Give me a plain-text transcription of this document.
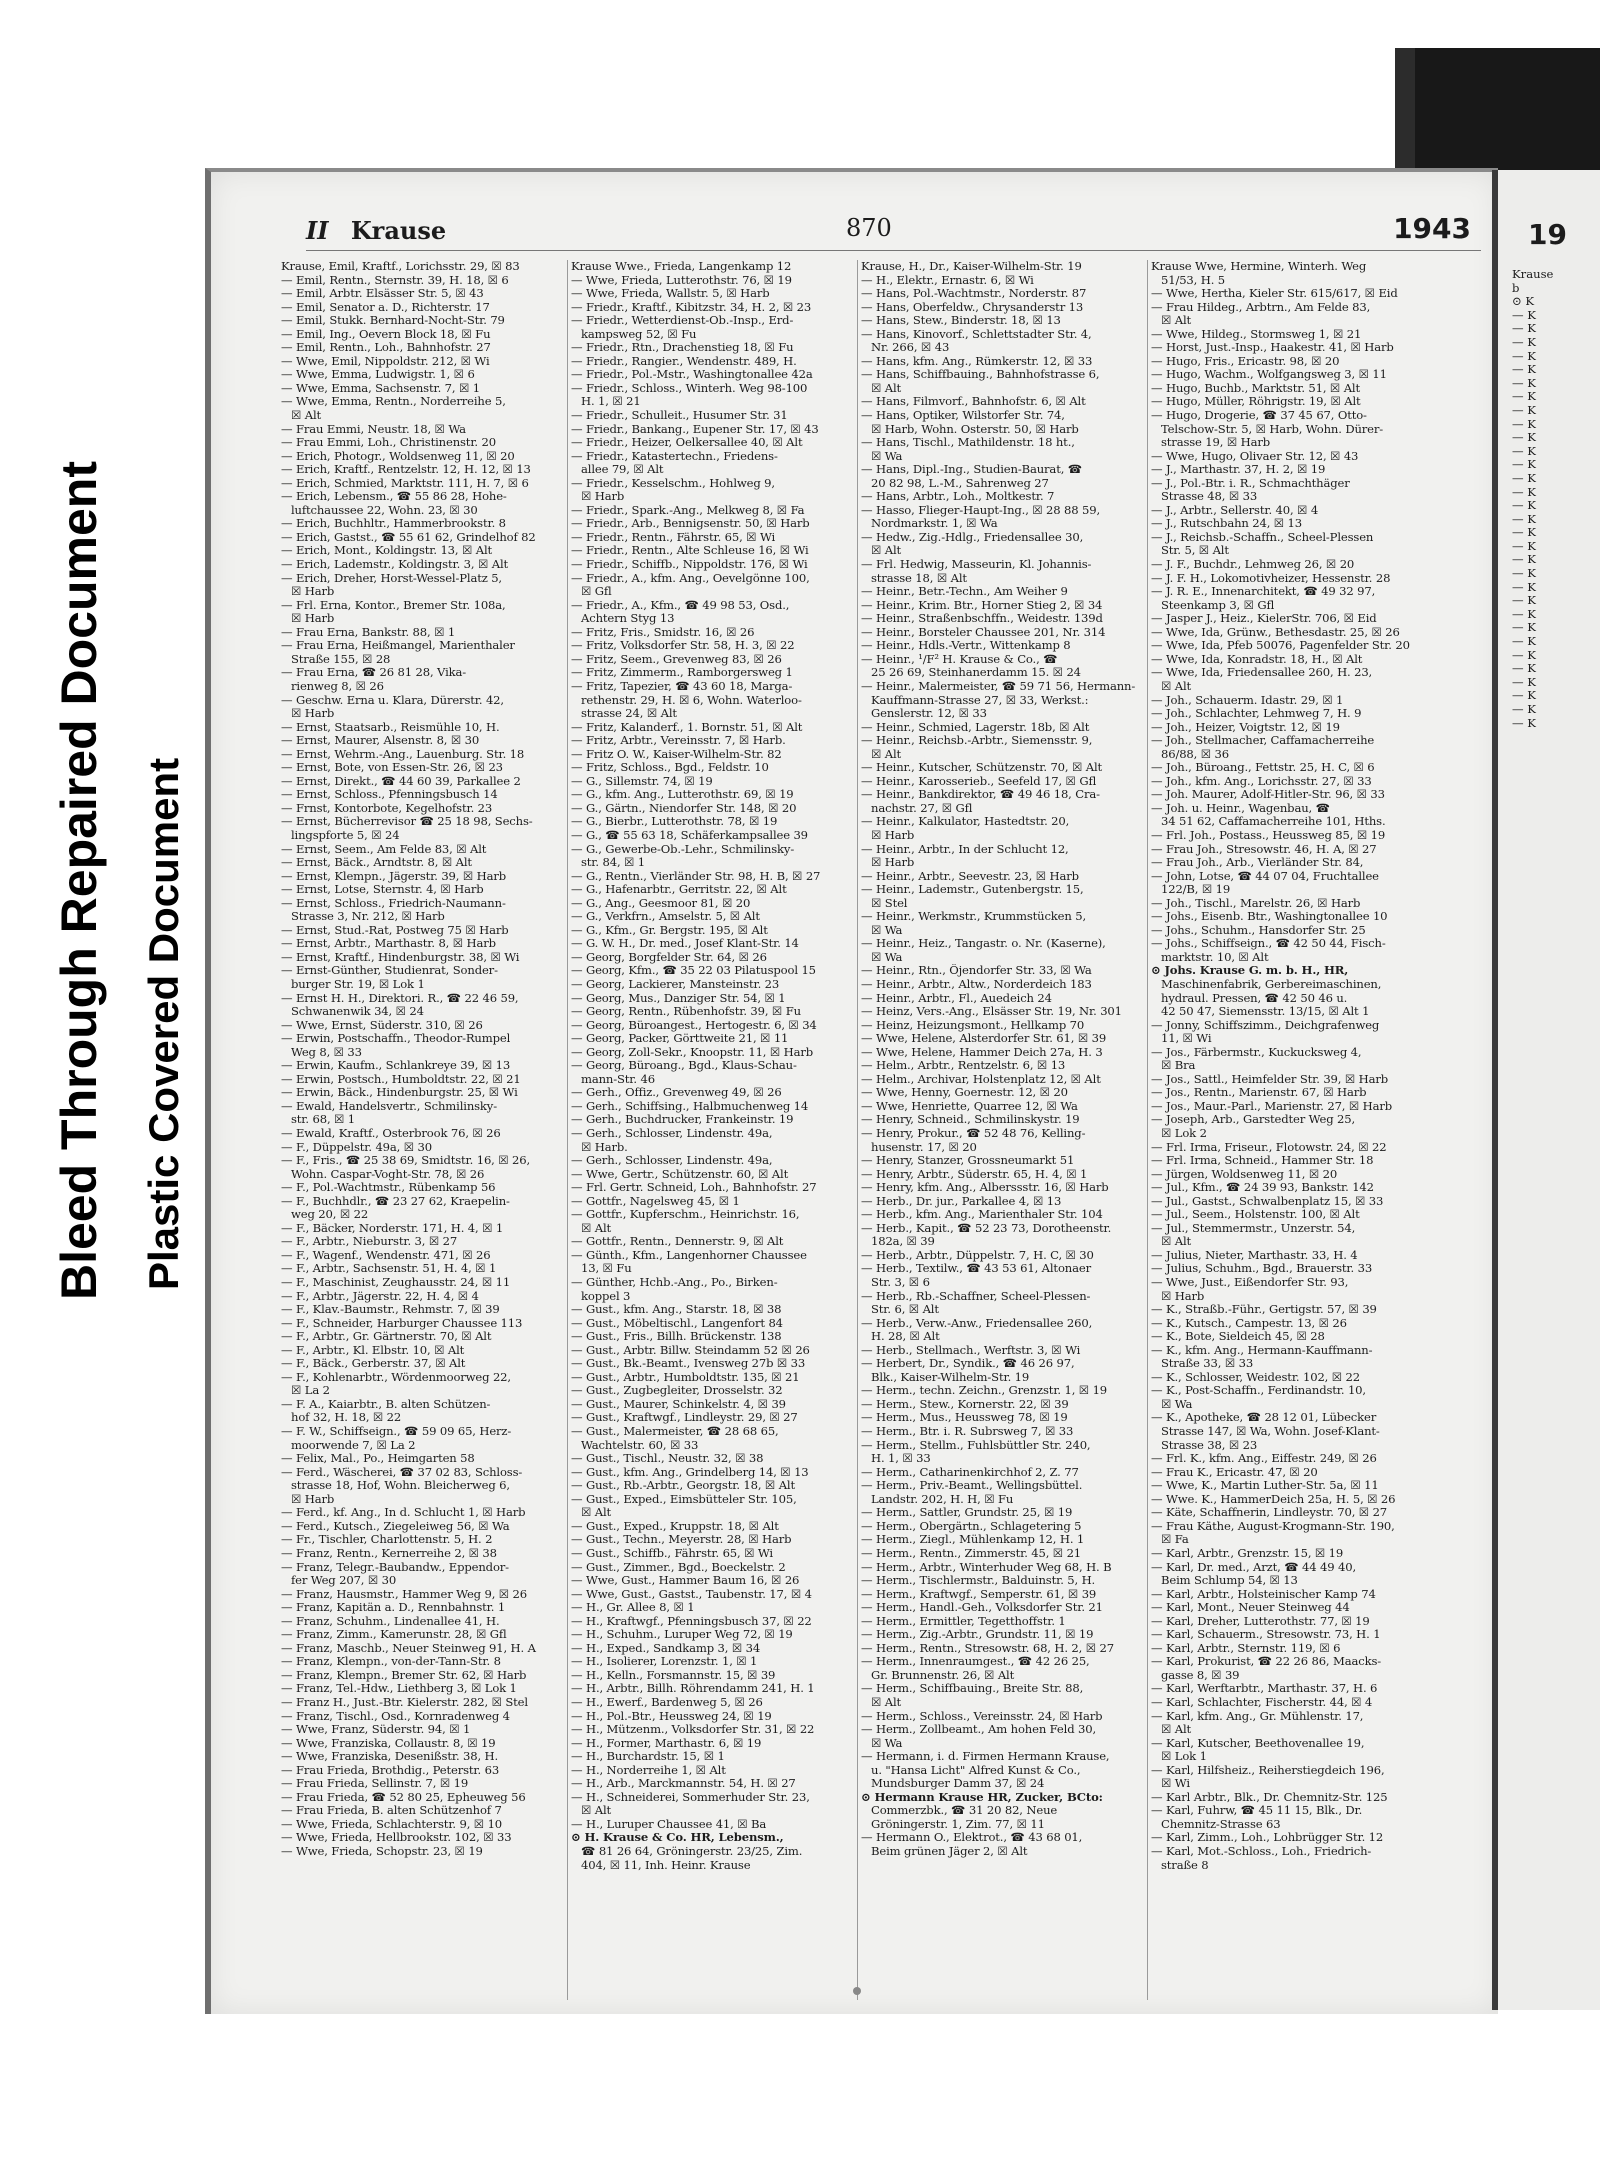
Bleed Through Repaired Document Plastic Covered Document
II Krause	870	1943
Krause, Emil, Kraftf., Lorichsstr. 29, ☒ 83
— Emil, Rentn., Sternstr. 39, H. 18, ☒ 6
— Emil, Arbtr. Elsässer Str. 5, ☒ 43
— Emil, Senator a. D., Richterstr. 17
— Emil, Stukk. Bernhard-Nocht-Str. 79
— Emil, Ing., Oevern Block 18, ☒ Fu
— Emil, Rentn., Loh., Bahnhofstr. 27
— Wwe, Emil, Nippoldstr. 212, ☒ Wi
— Wwe, Emma, Ludwigstr. 1, ☒ 6
— Wwe, Emma, Sachsenstr. 7, ☒ 1
— Wwe, Emma, Rentn., Norderreihe 5,
☒ Alt
— Frau Emmi, Neustr. 18, ☒ Wa
— Frau Emmi, Loh., Christinenstr. 20
— Erich, Photogr., Woldsenweg 11, ☒ 20
— Erich, Kraftf., Rentzelstr. 12, H. 12, ☒ 13
— Erich, Schmied, Marktstr. 111, H. 7, ☒ 6
— Erich, Lebensm., ☎ 55 86 28, Hohe-
luftchaussee 22, Wohn. 23, ☒ 30
— Erich, Buchhltr., Hammerbrookstr. 8
— Erich, Gastst., ☎ 55 61 62, Grindelhof 82
— Erich, Mont., Koldingstr. 13, ☒ Alt
— Erich, Lademstr., Koldingstr. 3, ☒ Alt
— Erich, Dreher, Horst-Wessel-Platz 5,
☒ Harb
— Frl. Erna, Kontor., Bremer Str. 108a,
☒ Harb
— Frau Erna, Bankstr. 88, ☒ 1
— Frau Erna, Heißmangel, Marienthaler
Straße 155, ☒ 28
— Frau Erna, ☎ 26 81 28, Vika-
rienweg 8, ☒ 26
— Geschw. Erna u. Klara, Dürerstr. 42,
☒ Harb
— Ernst, Staatsarb., Reismühle 10, H.
— Ernst, Maurer, Alsenstr. 8, ☒ 30
— Ernst, Wehrm.-Ang., Lauenburg. Str. 18
— Ernst, Bote, von Essen-Str. 26, ☒ 23
— Ernst, Direkt., ☎ 44 60 39, Parkallee 2
— Ernst, Schloss., Pfenningsbusch 14
— Frnst, Kontorbote, Kegelhofstr. 23
— Ernst, Bücherrevisor ☎ 25 18 98, Sechs-
lingspforte 5, ☒ 24
— Ernst, Seem., Am Felde 83, ☒ Alt
— Ernst, Bäck., Arndtstr. 8, ☒ Alt
— Ernst, Klempn., Jägerstr. 39, ☒ Harb
— Ernst, Lotse, Sternstr. 4, ☒ Harb
— Ernst, Schloss., Friedrich-Naumann-
Strasse 3, Nr. 212, ☒ Harb
— Ernst, Stud.-Rat, Postweg 75 ☒ Harb
— Ernst, Arbtr., Marthastr. 8, ☒ Harb
— Ernst, Kraftf., Hindenburgstr. 38, ☒ Wi
— Ernst-Günther, Studienrat, Sonder-
burger Str. 19, ☒ Lok 1
— Ernst H. H., Direktori. R., ☎ 22 46 59,
Schwanenwik 34, ☒ 24
— Wwe, Ernst, Süderstr. 310, ☒ 26
— Erwin, Postschaffn., Theodor-Rumpel
Weg 8, ☒ 33
— Erwin, Kaufm., Schlankreye 39, ☒ 13
— Erwin, Postsch., Humboldtstr. 22, ☒ 21
— Erwin, Bäck., Hindenburgstr. 25, ☒ Wi
— Ewald, Handelsvertr., Schmilinsky-
str. 68, ☒ 1
— Ewald, Kraftf., Osterbrook 76, ☒ 26
— F., Düppelstr. 49a, ☒ 30
— F., Fris., ☎ 25 38 69, Smidtstr. 16, ☒ 26,
Wohn. Caspar-Voght-Str. 78, ☒ 26
— F., Pol.-Wachtmstr., Rübenkamp 56
— F., Buchhdlr., ☎ 23 27 62, Kraepelin-
weg 20, ☒ 22
— F., Bäcker, Norderstr. 171, H. 4, ☒ 1
— F., Arbtr., Nieburstr. 3, ☒ 27
— F., Wagenf., Wendenstr. 471, ☒ 26
— F., Arbtr., Sachsenstr. 51, H. 4, ☒ 1
— F., Maschinist, Zeughausstr. 24, ☒ 11
— F., Arbtr., Jägerstr. 22, H. 4, ☒ 4
— F., Klav.-Baumstr., Rehmstr. 7, ☒ 39
— F., Schneider, Harburger Chaussee 113
— F., Arbtr., Gr. Gärtnerstr. 70, ☒ Alt
— F., Arbtr., Kl. Elbstr. 10, ☒ Alt
— F., Bäck., Gerberstr. 37, ☒ Alt
— F., Kohlenarbtr., Wördenmoorweg 22,
☒ La 2
— F. A., Kaiarbtr., B. alten Schützen-
hof 32, H. 18, ☒ 22
— F. W., Schiffseign., ☎ 59 09 65, Herz-
moorwende 7, ☒ La 2
— Felix, Mal., Po., Heimgarten 58
— Ferd., Wäscherei, ☎ 37 02 83, Schloss-
strasse 18, Hof, Wohn. Bleicherweg 6,
☒ Harb
— Ferd., kf. Ang., In d. Schlucht 1, ☒ Harb
— Ferd., Kutsch., Ziegeleiweg 56, ☒ Wa
— Fr., Tischler, Charlottenstr. 5, H. 2
— Franz, Rentn., Kernerreihe 2, ☒ 38
— Franz, Telegr.-Baubandw., Eppendor-
fer Weg 207, ☒ 30
— Franz, Hausmstr., Hammer Weg 9, ☒ 26
— Franz, Kapitän a. D., Rennbahnstr. 1
— Franz, Schuhm., Lindenallee 41, H.
— Franz, Zimm., Kamerunstr. 28, ☒ Gfl
— Franz, Maschb., Neuer Steinweg 91, H. A
— Franz, Klempn., von-der-Tann-Str. 8
— Franz, Klempn., Bremer Str. 62, ☒ Harb
— Franz, Tel.-Hdw., Liethberg 3, ☒ Lok 1
— Franz H., Just.-Btr. Kielerstr. 282, ☒ Stel
— Franz, Tischl., Osd., Kornradenweg 4
— Wwe, Franz, Süderstr. 94, ☒ 1
— Wwe, Franziska, Collaustr. 8, ☒ 19
— Wwe, Franziska, Desenißstr. 38, H.
— Frau Frieda, Brothdig., Peterstr. 63
— Frau Frieda, Sellinstr. 7, ☒ 19
— Frau Frieda, ☎ 52 80 25, Epheuweg 56
— Frau Frieda, B. alten Schützenhof 7
— Wwe, Frieda, Schlachterstr. 9, ☒ 10
— Wwe, Frieda, Hellbrookstr. 102, ☒ 33
— Wwe, Frieda, Schopstr. 23, ☒ 19
Krause Wwe., Frieda, Langenkamp 12
— Wwe, Frieda, Lutterothstr. 76, ☒ 19
— Wwe, Frieda, Wallstr. 5, ☒ Harb
— Friedr., Kraftf., Kibitzstr. 34, H. 2, ☒ 23
— Friedr., Wetterdienst-Ob.-Insp., Erd-
kampsweg 52, ☒ Fu
— Friedr., Rtn., Drachenstieg 18, ☒ Fu
— Friedr., Rangier., Wendenstr. 489, H.
— Friedr., Pol.-Mstr., Washingtonallee 42a
— Friedr., Schloss., Winterh. Weg 98-100
H. 1, ☒ 21
— Friedr., Schulleit., Husumer Str. 31
— Friedr., Bankang., Eupener Str. 17, ☒ 43
— Friedr., Heizer, Oelkersallee 40, ☒ Alt
— Friedr., Katastertechn., Friedens-
allee 79, ☒ Alt
— Friedr., Kesselschm., Hohlweg 9,
☒ Harb
— Friedr., Spark.-Ang., Melkweg 8, ☒ Fa
— Friedr., Arb., Bennigsenstr. 50, ☒ Harb
— Friedr., Rentn., Fährstr. 65, ☒ Wi
— Friedr., Rentn., Alte Schleuse 16, ☒ Wi
— Friedr., Schiffb., Nippoldstr. 176, ☒ Wi
— Friedr., A., kfm. Ang., Oevelgönne 100,
☒ Gfl
— Friedr., A., Kfm., ☎ 49 98 53, Osd.,
Achtern Styg 13
— Fritz, Fris., Smidstr. 16, ☒ 26
— Fritz, Volksdorfer Str. 58, H. 3, ☒ 22
— Fritz, Seem., Grevenweg 83, ☒ 26
— Fritz, Zimmerm., Ramborgersweg 1
— Fritz, Tapezier, ☎ 43 60 18, Marga-
rethenstr. 29, H. ☒ 6, Wohn. Waterloo-
strasse 24, ☒ Alt
— Fritz, Kalanderf., 1. Bornstr. 51, ☒ Alt
— Fritz, Arbtr., Vereinsstr. 7, ☒ Harb.
— Fritz O. W., Kaiser-Wilhelm-Str. 82
— Fritz, Schloss., Bgd., Feldstr. 10
— G., Sillemstr. 74, ☒ 19
— G., kfm. Ang., Lutterothstr. 69, ☒ 19
— G., Gärtn., Niendorfer Str. 148, ☒ 20
— G., Bierbr., Lutterothstr. 78, ☒ 19
— G., ☎ 55 63 18, Schäferkampsallee 39
— G., Gewerbe-Ob.-Lehr., Schmilinsky-
str. 84, ☒ 1
— G., Rentn., Vierländer Str. 98, H. B, ☒ 27
— G., Hafenarbtr., Gerritstr. 22, ☒ Alt
— G., Ang., Geesmoor 81, ☒ 20
— G., Verkfrn., Amselstr. 5, ☒ Alt
— G., Kfm., Gr. Bergstr. 195, ☒ Alt
— G. W. H., Dr. med., Josef Klant-Str. 14
— Georg, Borgfelder Str. 64, ☒ 26
— Georg, Kfm., ☎ 35 22 03 Pilatuspool 15
— Georg, Lackierer, Mansteinstr. 23
— Georg, Mus., Danziger Str. 54, ☒ 1
— Georg, Rentn., Rübenhofstr. 39, ☒ Fu
— Georg, Büroangest., Hertogestr. 6, ☒ 34
— Georg, Packer, Görttweite 21, ☒ 11
— Georg, Zoll-Sekr., Knoopstr. 11, ☒ Harb
— Georg, Büroang., Bgd., Klaus-Schau-
mann-Str. 46
— Gerh., Offiz., Grevenweg 49, ☒ 26
— Gerh., Schiffsing., Halbmuchenweg 14
— Gerh., Buchdrucker, Frankeinstr. 19
— Gerh., Schlosser, Lindenstr. 49a,
☒ Harb.
— Gerh., Schlosser, Lindenstr. 49a,
— Wwe, Gertr., Schützenstr. 60, ☒ Alt
— Frl. Gertr. Schneid, Loh., Bahnhofstr. 27
— Gottfr., Nagelsweg 45, ☒ 1
— Gottfr., Kupferschm., Heinrichstr. 16,
☒ Alt
— Gottfr., Rentn., Dennerstr. 9, ☒ Alt
— Günth., Kfm., Langenhorner Chaussee
13, ☒ Fu
— Günther, Hchb.-Ang., Po., Birken-
koppel 3
— Gust., kfm. Ang., Starstr. 18, ☒ 38
— Gust., Möbeltischl., Langenfort 84
— Gust., Fris., Billh. Brückenstr. 138
— Gust., Arbtr. Billw. Steindamm 52 ☒ 26
— Gust., Bk.-Beamt., Ivensweg 27b ☒ 33
— Gust., Arbtr., Humboldtstr. 135, ☒ 21
— Gust., Zugbegleiter, Drosselstr. 32
— Gust., Maurer, Schinkelstr. 4, ☒ 39
— Gust., Kraftwgf., Lindleystr. 29, ☒ 27
— Gust., Malermeister, ☎ 28 68 65,
Wachtelstr. 60, ☒ 33
— Gust., Tischl., Neustr. 32, ☒ 38
— Gust., kfm. Ang., Grindelberg 14, ☒ 13
— Gust., Rb.-Arbtr., Georgstr. 18, ☒ Alt
— Gust., Exped., Eimsbütteler Str. 105,
☒ Alt
— Gust., Exped., Kruppstr. 18, ☒ Alt
— Gust., Techn., Meyerstr. 28, ☒ Harb
— Gust., Schiffb., Fährstr. 65, ☒ Wi
— Gust., Zimmer., Bgd., Boeckelstr. 2
— Wwe, Gust., Hammer Baum 16, ☒ 26
— Wwe, Gust., Gastst., Taubenstr. 17, ☒ 4
— H., Gr. Allee 8, ☒ 1
— H., Kraftwgf., Pfenningsbusch 37, ☒ 22
— H., Schuhm., Luruper Weg 72, ☒ 19
— H., Exped., Sandkamp 3, ☒ 34
— H., Isolierer, Lorenzstr. 1, ☒ 1
— H., Kelln., Forsmannstr. 15, ☒ 39
— H., Arbtr., Billh. Röhrendamm 241, H. 1
— H., Ewerf., Bardenweg 5, ☒ 26
— H., Pol.-Btr., Heussweg 24, ☒ 19
— H., Mützenm., Volksdorfer Str. 31, ☒ 22
— H., Former, Marthastr. 6, ☒ 19
— H., Burchardstr. 15, ☒ 1
— H., Norderreihe 1, ☒ Alt
— H., Arb., Marckmannstr. 54, H. ☒ 27
— H., Schneiderei, Sommerhuder Str. 23,
☒ Alt
— H., Luruper Chaussee 41, ☒ Ba
⊙ H. Krause & Co. HR, Lebensm.,
☎ 81 26 64, Gröningerstr. 23/25, Zim.
404, ☒ 11, Inh. Heinr. Krause
Krause, H., Dr., Kaiser-Wilhelm-Str. 19
— H., Elektr., Ernastr. 6, ☒ Wi
— Hans, Pol.-Wachtmstr., Norderstr. 87
— Hans, Oberfeldw., Chrysanderstr 13
— Hans, Stew., Binderstr. 18, ☒ 13
— Hans, Kinovorf., Schlettstadter Str. 4,
Nr. 266, ☒ 43
— Hans, kfm. Ang., Rümkerstr. 12, ☒ 33
— Hans, Schiffbauing., Bahnhofstrasse 6,
☒ Alt
— Hans, Filmvorf., Bahnhofstr. 6, ☒ Alt
— Hans, Optiker, Wilstorfer Str. 74,
☒ Harb, Wohn. Osterstr. 50, ☒ Harb
— Hans, Tischl., Mathildenstr. 18 ht.,
☒ Wa
— Hans, Dipl.-Ing., Studien-Baurat, ☎
20 82 98, L.-M., Sahrenweg 27
— Hans, Arbtr., Loh., Moltkestr. 7
— Hasso, Flieger-Haupt-Ing., ☒ 28 88 59,
Nordmarkstr. 1, ☒ Wa
— Hedw., Zig.-Hdlg., Friedensallee 30,
☒ Alt
— Frl. Hedwig, Masseurin, Kl. Johannis-
strasse 18, ☒ Alt
— Heinr., Betr.-Techn., Am Weiher 9
— Heinr., Krim. Btr., Horner Stieg 2, ☒ 34
— Heinr., Straßenbschffn., Weidestr. 139d
— Heinr., Borsteler Chaussee 201, Nr. 314
— Heinr., Hdls.-Vertr., Wittenkamp 8
— Heinr., ¹/F² H. Krause & Co., ☎
25 26 69, Steinhanerdamm 15. ☒ 24
— Heinr., Malermeister, ☎ 59 71 56, Hermann-
Kauffmann-Strasse 27, ☒ 33, Werkst.:
Genslerstr. 12, ☒ 33
— Heinr., Schmied, Lagerstr. 18b, ☒ Alt
— Heinr., Reichsb.-Arbtr., Siemensstr. 9,
☒ Alt
— Heinr., Kutscher, Schützenstr. 70, ☒ Alt
— Heinr., Karosserieb., Seefeld 17, ☒ Gfl
— Heinr., Bankdirektor, ☎ 49 46 18, Cra-
nachstr. 27, ☒ Gfl
— Heinr., Kalkulator, Hastedtstr. 20,
☒ Harb
— Heinr., Arbtr., In der Schlucht 12,
☒ Harb
— Heinr., Arbtr., Seevestr. 23, ☒ Harb
— Heinr., Lademstr., Gutenbergstr. 15,
☒ Stel
— Heinr., Werkmstr., Krummstücken 5,
☒ Wa
— Heinr., Heiz., Tangastr. o. Nr. (Kaserne),
☒ Wa
— Heinr., Rtn., Öjendorfer Str. 33, ☒ Wa
— Heinr., Arbtr., Altw., Norderdeich 183
— Heinr., Arbtr., Fl., Auedeich 24
— Heinz, Vers.-Ang., Elsässer Str. 19, Nr. 301
— Heinz, Heizungsmont., Hellkamp 70
— Wwe, Helene, Alsterdorfer Str. 61, ☒ 39
— Wwe, Helene, Hammer Deich 27a, H. 3
— Helm., Arbtr., Rentzelstr. 6, ☒ 13
— Helm., Archivar, Holstenplatz 12, ☒ Alt
— Wwe, Henny, Goernestr. 12, ☒ 20
— Wwe, Henriette, Quarree 12, ☒ Wa
— Henry, Schneid., Schmilinskystr. 19
— Henry, Prokur., ☎ 52 48 76, Kelling-
husenstr. 17, ☒ 20
— Henry, Stanzer, Grossneumarkt 51
— Henry, Arbtr., Süderstr. 65, H. 4, ☒ 1
— Henry, kfm. Ang., Alberssstr. 16, ☒ Harb
— Herb., Dr. jur., Parkallee 4, ☒ 13
— Herb., kfm. Ang., Marienthaler Str. 104
— Herb., Kapit., ☎ 52 23 73, Dorotheenstr.
182a, ☒ 39
— Herb., Arbtr., Düppelstr. 7, H. C, ☒ 30
— Herb., Textilw., ☎ 43 53 61, Altonaer
Str. 3, ☒ 6
— Herb., Rb.-Schaffner, Scheel-Plessen-
Str. 6, ☒ Alt
— Herb., Verw.-Anw., Friedensallee 260,
H. 28, ☒ Alt
— Herb., Stellmach., Werftstr. 3, ☒ Wi
— Herbert, Dr., Syndik., ☎ 46 26 97,
Blk., Kaiser-Wilhelm-Str. 19
— Herm., techn. Zeichn., Grenzstr. 1, ☒ 19
— Herm., Stew., Kornerstr. 22, ☒ 39
— Herm., Mus., Heussweg 78, ☒ 19
— Herm., Btr. i. R. Subrsweg 7, ☒ 33
— Herm., Stellm., Fuhlsbüttler Str. 240,
H. 1, ☒ 33
— Herm., Catharinenkirchhof 2, Z. 77
— Herm., Priv.-Beamt., Wellingsbüttel.
Landstr. 202, H. H, ☒ Fu
— Herm., Sattler, Grundstr. 25, ☒ 19
— Herm., Obergärtn., Schlagetering 5
— Herm., Ziegl., Mühlenkamp 12, H. 1
— Herm., Rentn., Zimmerstr. 45, ☒ 21
— Herm., Arbtr., Winterhuder Weg 68, H. B
— Herm., Tischlermstr., Balduinstr. 5, H.
— Herm., Kraftwgf., Semperstr. 61, ☒ 39
— Herm., Handl.-Geh., Volksdorfer Str. 21
— Herm., Ermittler, Tegetthoffstr. 1
— Herm., Zig.-Arbtr., Grundstr. 11, ☒ 19
— Herm., Rentn., Stresowstr. 68, H. 2, ☒ 27
— Herm., Innenraumgest., ☎ 42 26 25,
Gr. Brunnenstr. 26, ☒ Alt
— Herm., Schiffbauing., Breite Str. 88,
☒ Alt
— Herm., Schloss., Vereinsstr. 24, ☒ Harb
— Herm., Zollbeamt., Am hohen Feld 30,
☒ Wa
— Hermann, i. d. Firmen Hermann Krause,
u. "Hansa Licht" Alfred Kunst & Co.,
Mundsburger Damm 37, ☒ 24
⊙ Hermann Krause HR, Zucker, BCto:
Commerzbk., ☎ 31 20 82, Neue
Gröningerstr. 1, Zim. 77, ☒ 11
— Hermann O., Elektrot., ☎ 43 68 01,
Beim grünen Jäger 2, ☒ Alt
Krause Wwe, Hermine, Winterh. Weg
51/53, H. 5
— Wwe, Hertha, Kieler Str. 615/617, ☒ Eid
— Frau Hildeg., Arbtrn., Am Felde 83,
☒ Alt
— Wwe, Hildeg., Stormsweg 1, ☒ 21
— Horst, Just.-Insp., Haakestr. 41, ☒ Harb
— Hugo, Fris., Ericastr. 98, ☒ 20
— Hugo, Wachm., Wolfgangsweg 3, ☒ 11
— Hugo, Buchb., Marktstr. 51, ☒ Alt
— Hugo, Müller, Röhrigstr. 19, ☒ Alt
— Hugo, Drogerie, ☎ 37 45 67, Otto-
Telschow-Str. 5, ☒ Harb, Wohn. Dürer-
strasse 19, ☒ Harb
— Wwe, Hugo, Olivaer Str. 12, ☒ 43
— J., Marthastr. 37, H. 2, ☒ 19
— J., Pol.-Btr. i. R., Schmachthäger
Strasse 48, ☒ 33
— J., Arbtr., Sellerstr. 40, ☒ 4
— J., Rutschbahn 24, ☒ 13
— J., Reichsb.-Schaffn., Scheel-Plessen
Str. 5, ☒ Alt
— J. F., Buchdr., Lehmweg 26, ☒ 20
— J. F. H., Lokomotivheizer, Hessenstr. 28
— J. R. E., Innenarchitekt, ☎ 49 32 97,
Steenkamp 3, ☒ Gfl
— Jasper J., Heiz., KielerStr. 706, ☒ Eid
— Wwe, Ida, Grünw., Bethesdastr. 25, ☒ 26
— Wwe, Ida, Pfeb 50076, Pagenfelder Str. 20
— Wwe, Ida, Konradstr. 18, H., ☒ Alt
— Wwe, Ida, Friedensallee 260, H. 23,
☒ Alt
— Joh., Schauerm. Idastr. 29, ☒ 1
— Joh., Schlachter, Lehmweg 7, H. 9
— Joh., Heizer, Voigtstr. 12, ☒ 19
— Joh., Stellmacher, Caffamacherreihe
86/88, ☒ 36
— Joh., Büroang., Fettstr. 25, H. C, ☒ 6
— Joh., kfm. Ang., Lorichsstr. 27, ☒ 33
— Joh. Maurer, Adolf-Hitler-Str. 96, ☒ 33
— Joh. u. Heinr., Wagenbau, ☎
34 51 62, Caffamacherreihe 101, Hths.
— Frl. Joh., Postass., Heussweg 85, ☒ 19
— Frau Joh., Stresowstr. 46, H. A, ☒ 27
— Frau Joh., Arb., Vierländer Str. 84,
— John, Lotse, ☎ 44 07 04, Fruchtallee
122/B, ☒ 19
— Joh., Tischl., Marelstr. 26, ☒ Harb
— Johs., Eisenb. Btr., Washingtonallee 10
— Johs., Schuhm., Hansdorfer Str. 25
— Johs., Schiffseign., ☎ 42 50 44, Fisch-
marktstr. 10, ☒ Alt
⊙ Johs. Krause G. m. b. H., HR,
Maschinenfabrik, Gerbereimaschinen,
hydraul. Pressen, ☎ 42 50 46 u.
42 50 47, Siemensstr. 13/15, ☒ Alt 1
— Jonny, Schiffszimm., Deichgrafenweg
11, ☒ Wi
— Jos., Färbermstr., Kuckucksweg 4,
☒ Bra
— Jos., Sattl., Heimfelder Str. 39, ☒ Harb
— Jos., Rentn., Marienstr. 67, ☒ Harb
— Jos., Maur.-Parl., Marienstr. 27, ☒ Harb
— Joseph, Arb., Garstedter Weg 25,
☒ Lok 2
— Frl. Irma, Friseur., Flotowstr. 24, ☒ 22
— Frl. Irma, Schneid., Hammer Str. 18
— Jürgen, Woldsenweg 11, ☒ 20
— Jul., Kfm., ☎ 24 39 93, Bankstr. 142
— Jul., Gastst., Schwalbenplatz 15, ☒ 33
— Jul., Seem., Holstenstr. 100, ☒ Alt
— Jul., Stemmermstr., Unzerstr. 54,
☒ Alt
— Julius, Nieter, Marthastr. 33, H. 4
— Julius, Schuhm., Bgd., Brauerstr. 33
— Wwe, Just., Eißendorfer Str. 93,
☒ Harb
— K., Straßb.-Führ., Gertigstr. 57, ☒ 39
— K., Kutsch., Campestr. 13, ☒ 26
— K., Bote, Sieldeich 45, ☒ 28
— K., kfm. Ang., Hermann-Kauffmann-
Straße 33, ☒ 33
— K., Schlosser, Weidestr. 102, ☒ 22
— K., Post-Schaffn., Ferdinandstr. 10,
☒ Wa
— K., Apotheke, ☎ 28 12 01, Lübecker
Strasse 147, ☒ Wa, Wohn. Josef-Klant-
Strasse 38, ☒ 23
— Frl. K., kfm. Ang., Eiffestr. 249, ☒ 26
— Frau K., Ericastr. 47, ☒ 20
— Wwe, K., Martin Luther-Str. 5a, ☒ 11
— Wwe. K., HammerDeich 25a, H. 5, ☒ 26
— Käte, Schaffnerin, Lindleystr. 70, ☒ 27
— Frau Käthe, August-Krogmann-Str. 190,
☒ Fa
— Karl, Arbtr., Grenzstr. 15, ☒ 19
— Karl, Dr. med., Arzt, ☎ 44 49 40,
Beim Schlump 54, ☒ 13
— Karl, Arbtr., Holsteinischer Kamp 74
— Karl, Mont., Neuer Steinweg 44
— Karl, Dreher, Lutterothstr. 77, ☒ 19
— Karl, Schauerm., Stresowstr. 73, H. 1
— Karl, Arbtr., Sternstr. 119, ☒ 6
— Karl, Prokurist, ☎ 22 26 86, Maacks-
gasse 8, ☒ 39
— Karl, Werftarbtr., Marthastr. 37, H. 6
— Karl, Schlachter, Fischerstr. 44, ☒ 4
— Karl, kfm. Ang., Gr. Mühlenstr. 17,
☒ Alt
— Karl, Kutscher, Beethovenallee 19,
☒ Lok 1
— Karl, Hilfsheiz., Reiherstiegdeich 196,
☒ Wi
— Karl Arbtr., Blk., Dr. Chemnitz-Str. 125
— Karl, Fuhrw, ☎ 45 11 15, Blk., Dr.
Chemnitz-Strasse 63
— Karl, Zimm., Loh., Lohbrügger Str. 12
— Karl, Mot.-Schloss., Loh., Friedrich-
straße 8
19
Krause
b
⊙ K
— K
— K
— K
— K
— K
— K
— K
— K
— K
— K
— K
— K
— K
— K
— K
— K
— K
— K
— K
— K
— K
— K
— K
— K
— K
— K
— K
— K
— K
— K
— K
